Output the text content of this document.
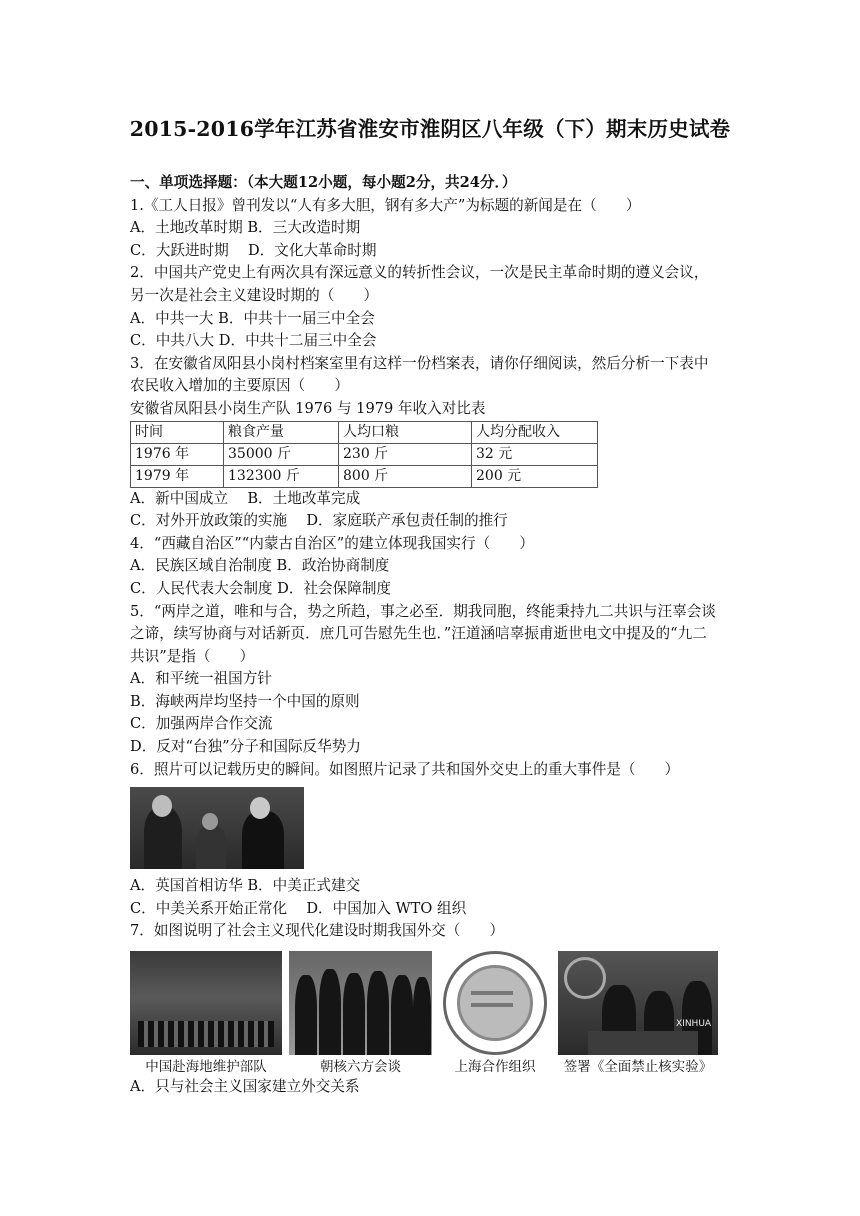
2015-2016学年江苏省淮安市淮阴区八年级（下）期末历史试卷
一、单项选择题：（本大题12小题，每小题2分，共24分．）
1.《工人日报》曾刊发以“人有多大胆，钢有多大产”为标题的新闻是在（　　）
A．土地改革时期 B．三大改造时期
C．大跃进时期　 D．文化大革命时期
2．中国共产党史上有两次具有深远意义的转折性会议，一次是民主革命时期的遵义会议，
另一次是社会主义建设时期的（　　）
A．中共一大 B．中共十一届三中全会
C．中共八大 D．中共十二届三中全会
3．在安徽省凤阳县小岗村档案室里有这样一份档案表，请你仔细阅读，然后分析一下表中
农民收入增加的主要原因（　　）
安徽省凤阳县小岗生产队 1976 与 1979 年收入对比表
时间	粮食产量	人均口粮	人均分配收入
1976 年	35000 斤	230 斤	32 元
1979 年	132300 斤	800 斤	200 元
A．新中国成立　 B．土地改革完成
C．对外开放政策的实施　 D．家庭联产承包责任制的推行
4．“西藏自治区”“内蒙古自治区”的建立体现我国实行（　　）
A．民族区域自治制度 B．政治协商制度
C．人民代表大会制度 D．社会保障制度
5．“两岸之道，唯和与合，势之所趋，事之必至．期我同胞，终能秉持九二共识与汪辜会谈
之谛，续写协商与对话新页．庶几可告慰先生也．”汪道涵唁辜振甫逝世电文中提及的“九二
共识”是指（　　）
A．和平统一祖国方针
B．海峡两岸均坚持一个中国的原则
C．加强两岸合作交流
D．反对“台独”分子和国际反华势力
6．照片可以记载历史的瞬间。如图照片记录了共和国外交史上的重大事件是（　　）
A．英国首相访华 B．中美正式建交
C．中美关系开始正常化　 D．中国加入 WTO 组织
7．如图说明了社会主义现代化建设时期我国外交（　　）
中国赴海地维护部队	朝核六方会谈	上海合作组织
XINHUA
签署《全面禁止核实验》
A．只与社会主义国家建立外交关系
